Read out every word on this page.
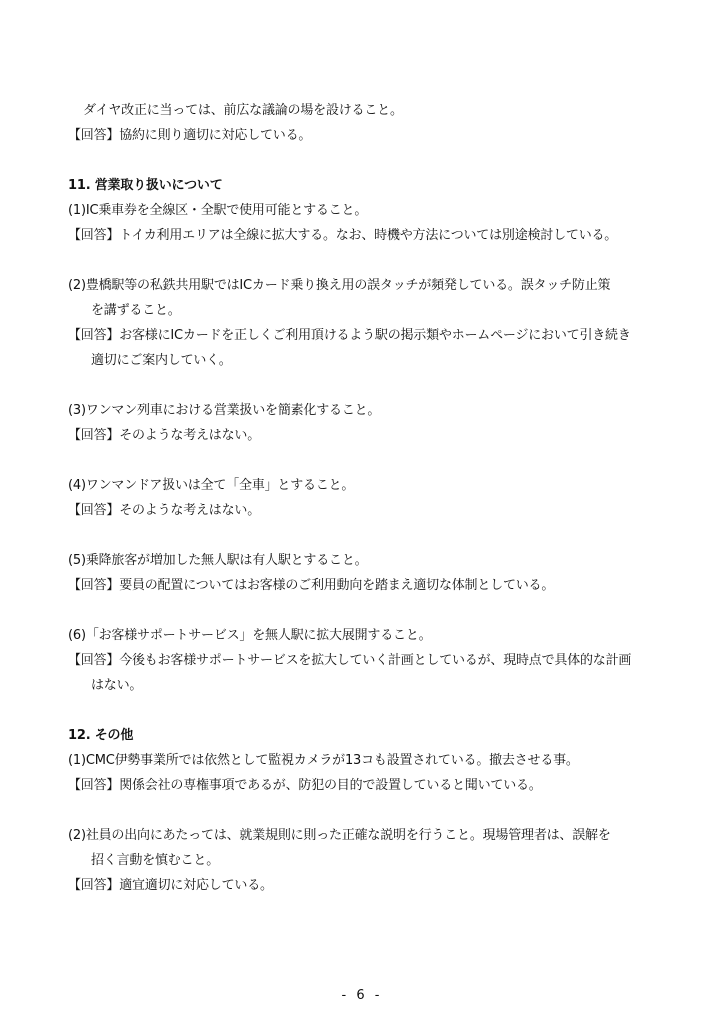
ダイヤ改正に当っては、前広な議論の場を設けること。
【回答】協約に則り適切に対応している。
11. 営業取り扱いについて
(1)IC乗車券を全線区・全駅で使用可能とすること。
【回答】トイカ利用エリアは全線に拡大する。なお、時機や方法については別途検討している。
(2)豊橋駅等の私鉄共用駅ではICカード乗り換え用の誤タッチが頻発している。誤タッチ防止策
を講ずること。
【回答】お客様にICカードを正しくご利用頂けるよう駅の掲示類やホームページにおいて引き続き
適切にご案内していく。
(3)ワンマン列車における営業扱いを簡素化すること。
【回答】そのような考えはない。
(4)ワンマンドア扱いは全て「全車」とすること。
【回答】そのような考えはない。
(5)乗降旅客が増加した無人駅は有人駅とすること。
【回答】要員の配置についてはお客様のご利用動向を踏まえ適切な体制としている。
(6)「お客様サポートサービス」を無人駅に拡大展開すること。
【回答】今後もお客様サポートサービスを拡大していく計画としているが、現時点で具体的な計画
はない。
12. その他
(1)CMC伊勢事業所では依然として監視カメラが13コも設置されている。撤去させる事。
【回答】関係会社の専権事項であるが、防犯の目的で設置していると聞いている。
(2)社員の出向にあたっては、就業規則に則った正確な説明を行うこと。現場管理者は、誤解を
招く言動を慎むこと。
【回答】適宜適切に対応している。
- 6 -
